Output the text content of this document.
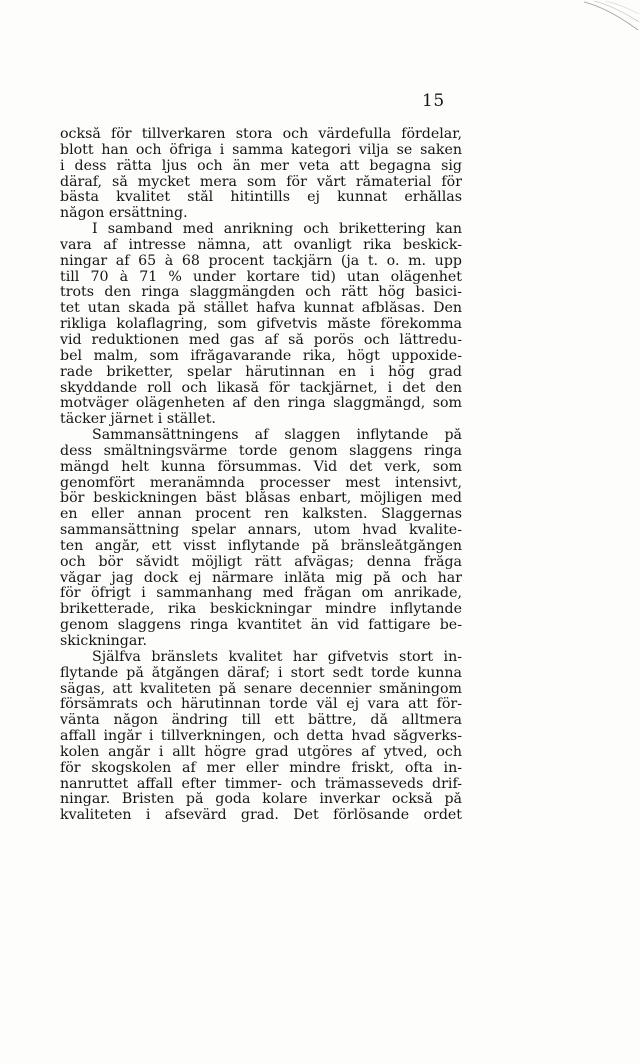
15
också för tillverkaren stora och värdefulla fördelar,
blott han och öfriga i samma kategori vilja se saken
i dess rätta ljus och än mer veta att begagna sig
däraf, så mycket mera som för vårt råmaterial för
bästa kvalitet stål hitintills ej kunnat erhållas
någon ersättning.
I samband med anrikning och brikettering kan
vara af intresse nämna, att ovanligt rika beskick-
ningar af 65 à 68 procent tackjärn (ja t. o. m. upp
till 70 à 71 % under kortare tid) utan olägenhet
trots den ringa slaggmängden och rätt hög basici-
tet utan skada på stället hafva kunnat afblåsas. Den
rikliga kolaflagring, som gifvetvis måste förekomma
vid reduktionen med gas af så porös och lättredu-
bel malm, som ifrågavarande rika, högt uppoxide-
rade briketter, spelar härutinnan en i hög grad
skyddande roll och likaså för tackjärnet, i det den
motväger olägenheten af den ringa slaggmängd, som
täcker järnet i stället.
Sammansättningens af slaggen inflytande på
dess smältningsvärme torde genom slaggens ringa
mängd helt kunna försummas. Vid det verk, som
genomfört meranämnda processer mest intensivt,
bör beskickningen bäst blåsas enbart, möjligen med
en eller annan procent ren kalksten. Slaggernas
sammansättning spelar annars, utom hvad kvalite-
ten angår, ett visst inflytande på bränsleåtgången
och bör såvidt möjligt rätt afvägas; denna fråga
vågar jag dock ej närmare inlåta mig på och har
för öfrigt i sammanhang med frågan om anrikade,
briketterade, rika beskickningar mindre inflytande
genom slaggens ringa kvantitet än vid fattigare be-
skickningar.
Själfva bränslets kvalitet har gifvetvis stort in-
flytande på åtgången däraf; i stort sedt torde kunna
sägas, att kvaliteten på senare decennier småningom
försämrats och härutinnan torde väl ej vara att för-
vänta någon ändring till ett bättre, då alltmera
affall ingår i tillverkningen, och detta hvad sågverks-
kolen angår i allt högre grad utgöres af ytved, och
för skogskolen af mer eller mindre friskt, ofta in-
nanruttet affall efter timmer- och trämasseveds drif-
ningar. Bristen på goda kolare inverkar också på
kvaliteten i afsevärd grad. Det förlösande ordet
